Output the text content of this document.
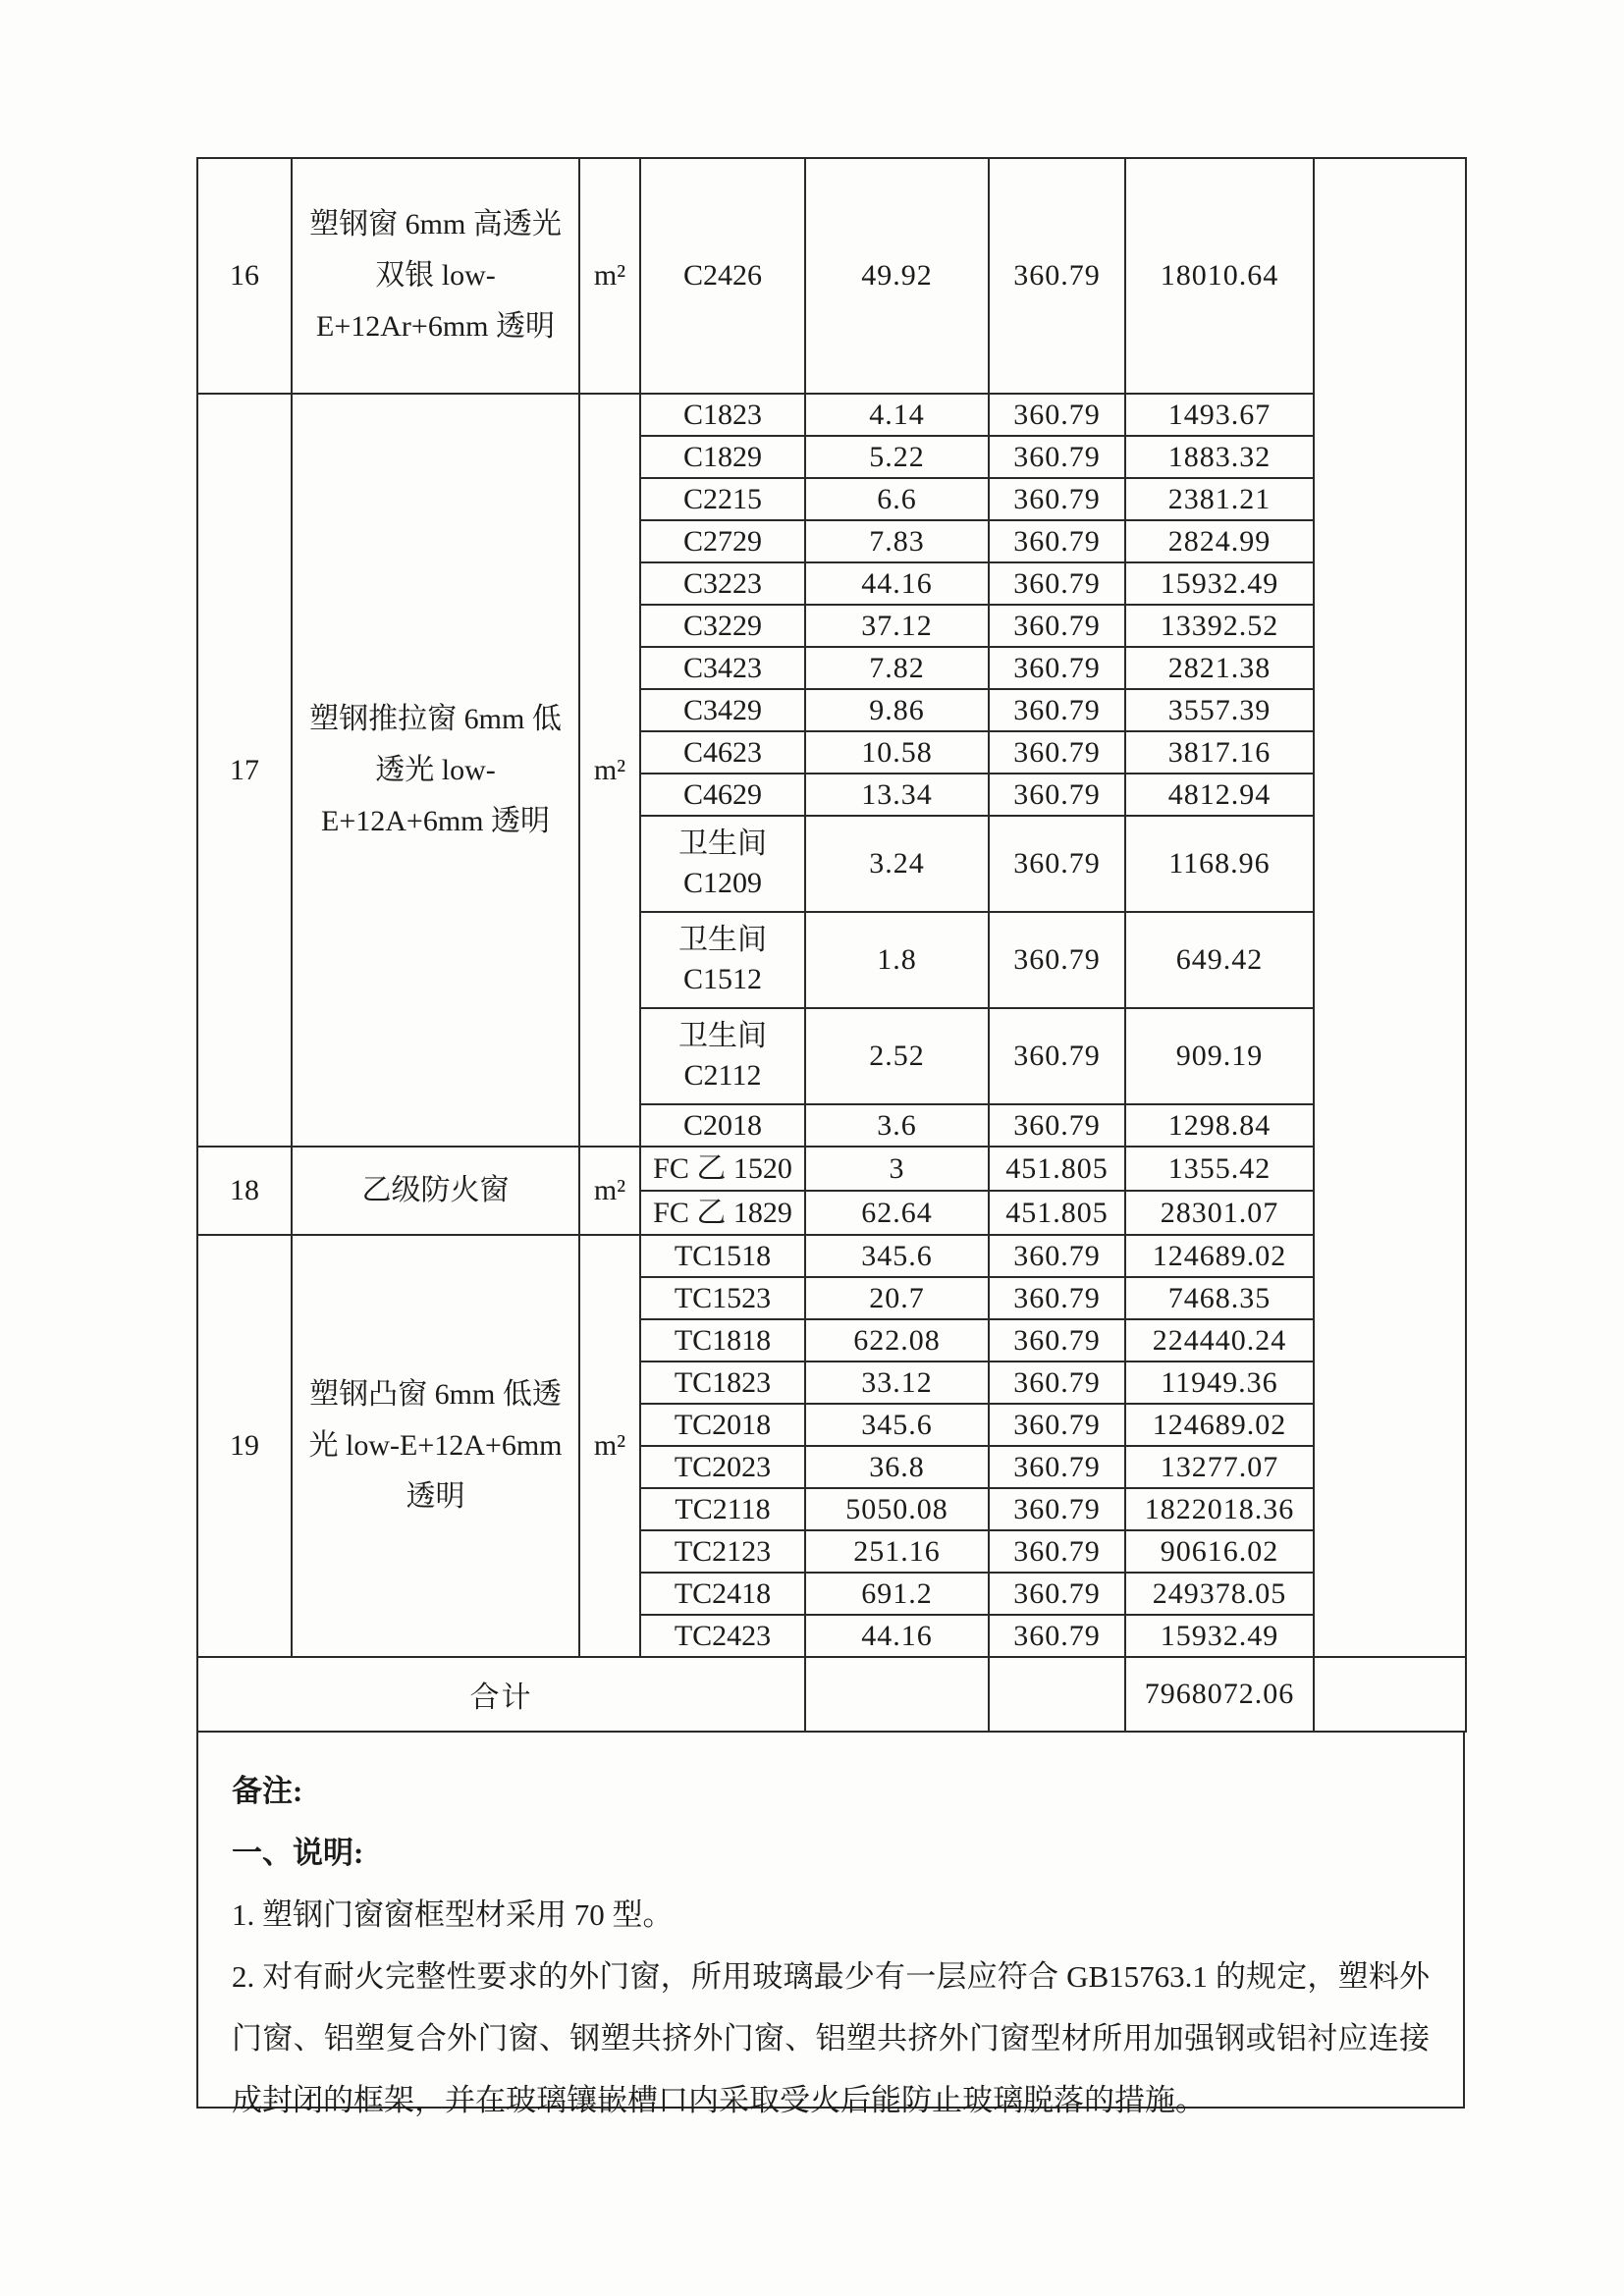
16	塑钢窗 6mm 高透光双银 low-E+12Ar+6mm 透明	m²	C2426	49.92	360.79	18010.64	
17	塑钢推拉窗 6mm 低透光 low-E+12A+6mm 透明	m²	C1823	4.14	360.79	1493.67	
			C1829	5.22	360.79	1883.32	
			C2215	6.6	360.79	2381.21	
			C2729	7.83	360.79	2824.99	
			C3223	44.16	360.79	15932.49	
			C3229	37.12	360.79	13392.52	
			C3423	7.82	360.79	2821.38	
			C3429	9.86	360.79	3557.39	
			C4623	10.58	360.79	3817.16	
			C4629	13.34	360.79	4812.94	
			卫生间 C1209	3.24	360.79	1168.96	
			卫生间 C1512	1.8	360.79	649.42	
			卫生间 C2112	2.52	360.79	909.19	
			C2018	3.6	360.79	1298.84	
18	乙级防火窗	m²	FC 乙 1520	3	451.805	1355.42	
			FC 乙 1829	62.64	451.805	28301.07	
19	塑钢凸窗 6mm 低透光 low-E+12A+6mm 透明	m²	TC1518	345.6	360.79	124689.02	
			TC1523	20.7	360.79	7468.35	
			TC1818	622.08	360.79	224440.24	
			TC1823	33.12	360.79	11949.36	
			TC2018	345.6	360.79	124689.02	
			TC2023	36.8	360.79	13277.07	
			TC2118	5050.08	360.79	1822018.36	
			TC2123	251.16	360.79	90616.02	
			TC2418	691.2	360.79	249378.05	
			TC2423	44.16	360.79	15932.49	
合计						7968072.06	

备注:

一、说明:

1. 塑钢门窗窗框型材采用 70 型。

2. 对有耐火完整性要求的外门窗，所用玻璃最少有一层应符合 GB15763.1 的规定，塑料外门窗、铝塑复合外门窗、钢塑共挤外门窗、铝塑共挤外门窗型材所用加强钢或铝衬应连接成封闭的框架，并在玻璃镶嵌槽口内采取受火后能防止玻璃脱落的措施。
